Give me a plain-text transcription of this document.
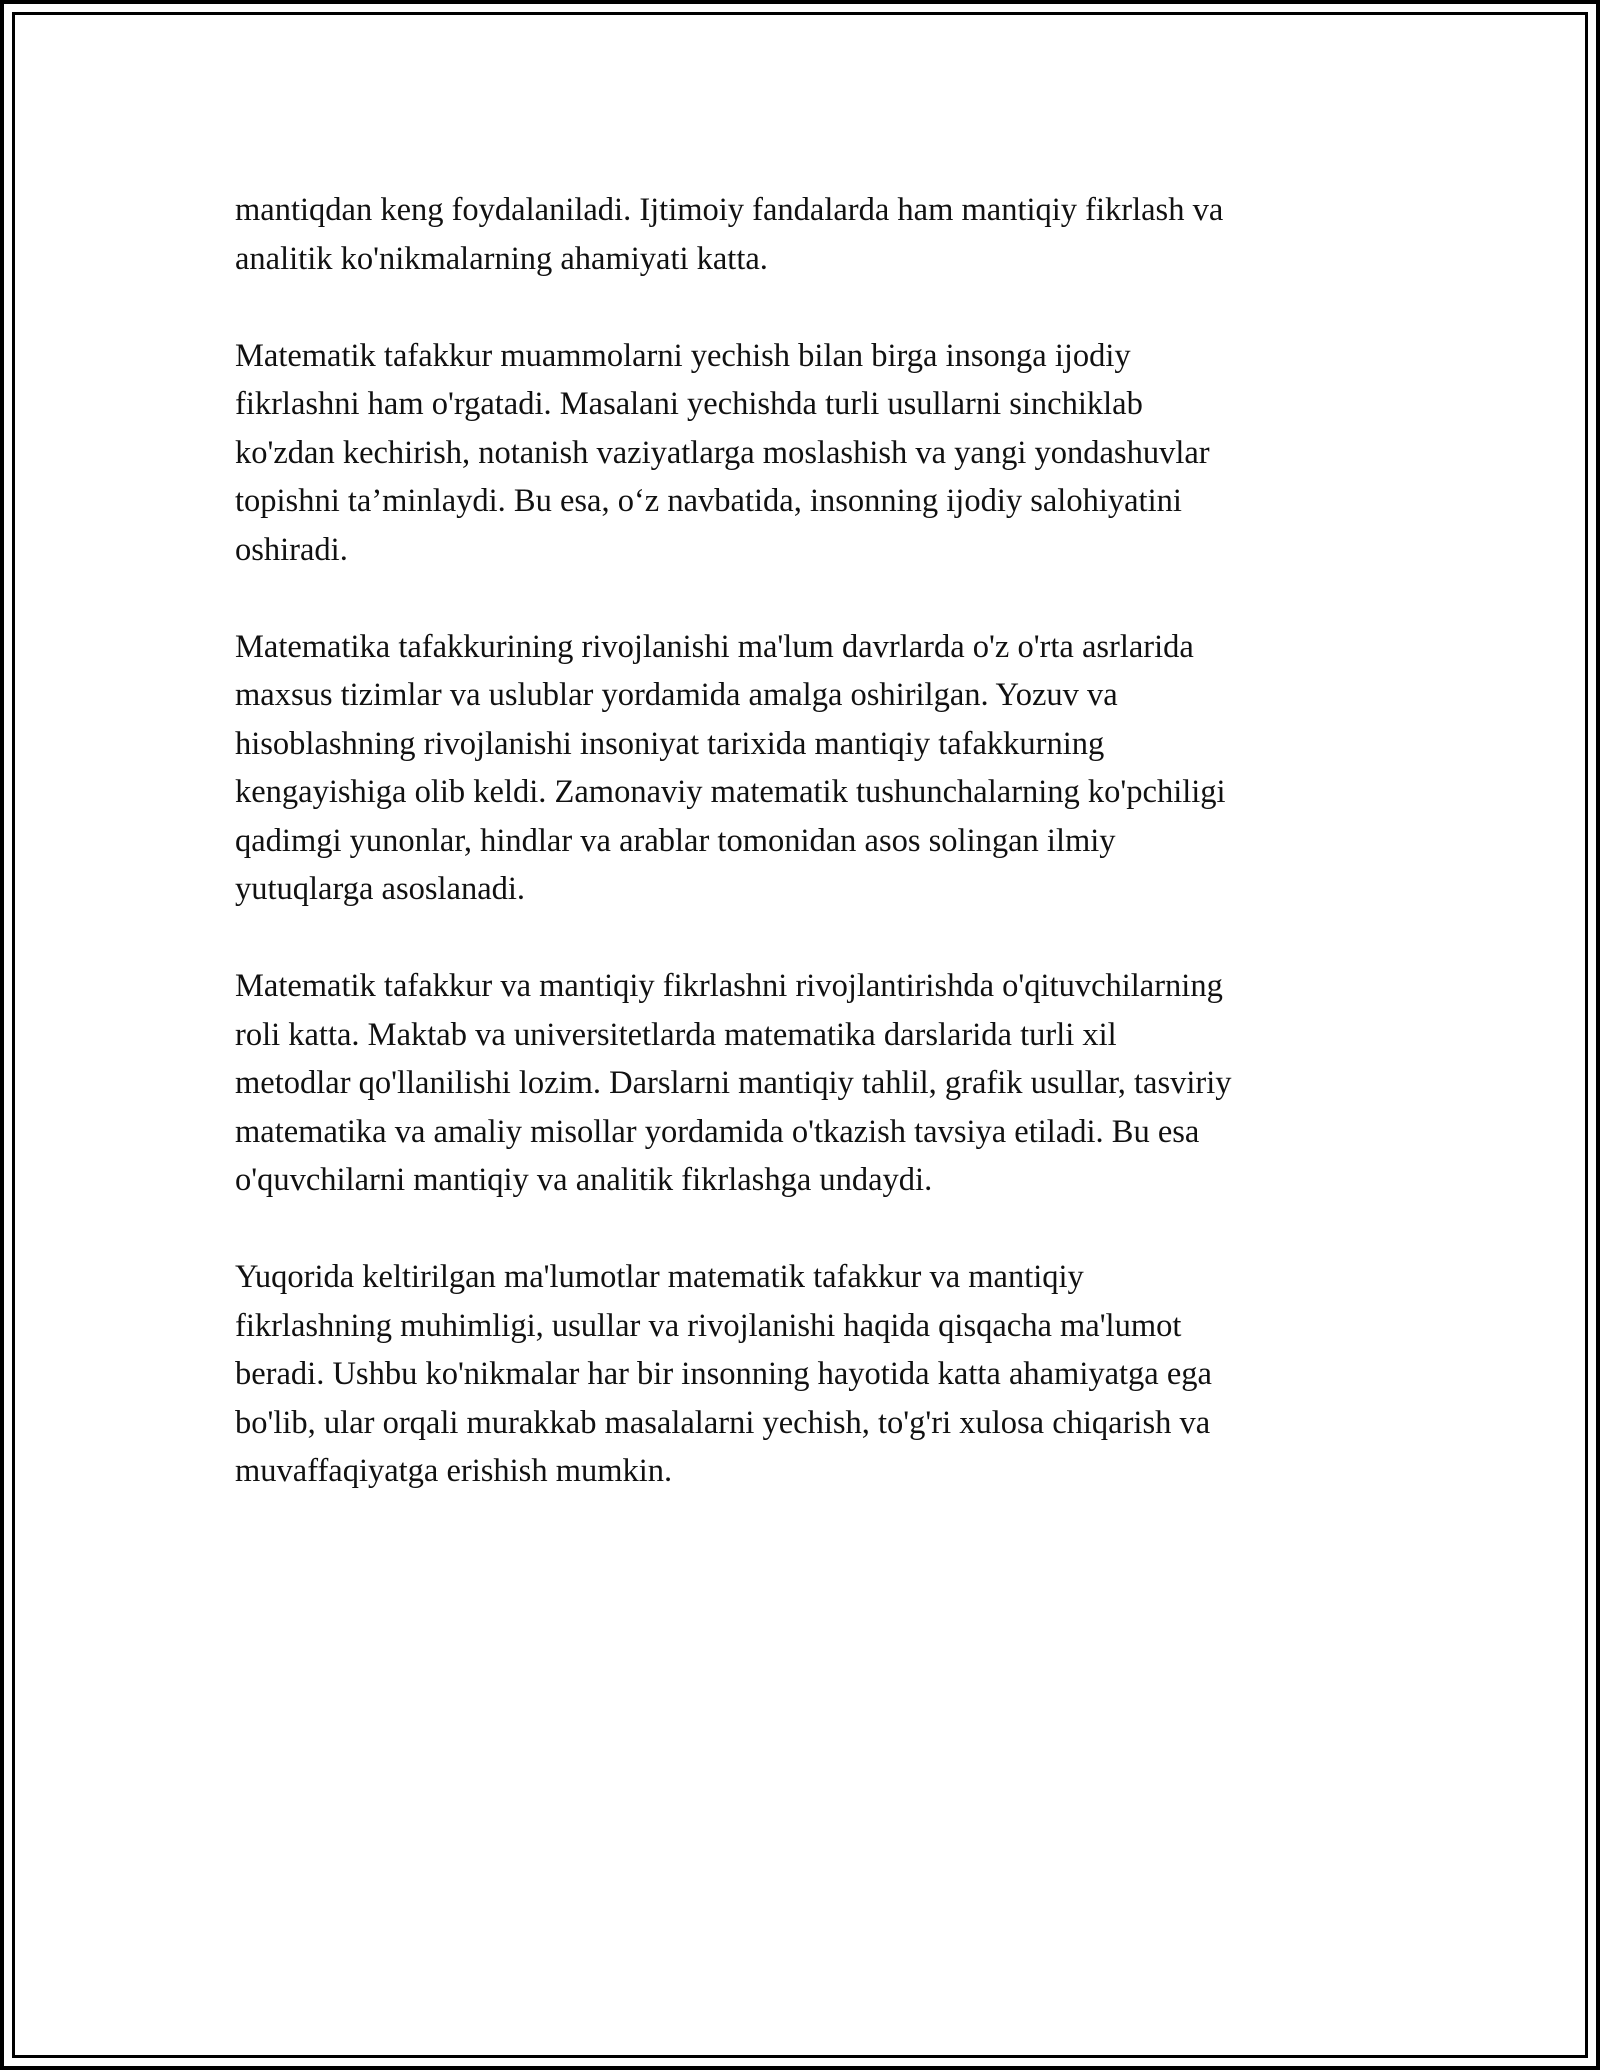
mantiqdan keng foydalaniladi. Ijtimoiy fandalarda ham mantiqiy fikrlash va
analitik ko'nikmalarning ahamiyati katta.

Matematik tafakkur muammolarni yechish bilan birga insonga ijodiy
fikrlashni ham o'rgatadi. Masalani yechishda turli usullarni sinchiklab
ko'zdan kechirish, notanish vaziyatlarga moslashish va yangi yondashuvlar
topishni ta’minlaydi. Bu esa, o‘z navbatida, insonning ijodiy salohiyatini
oshiradi.

Matematika tafakkurining rivojlanishi ma'lum davrlarda o'z o'rta asrlarida
maxsus tizimlar va uslublar yordamida amalga oshirilgan. Yozuv va
hisoblashning rivojlanishi insoniyat tarixida mantiqiy tafakkurning
kengayishiga olib keldi. Zamonaviy matematik tushunchalarning ko'pchiligi
qadimgi yunonlar, hindlar va arablar tomonidan asos solingan ilmiy
yutuqlarga asoslanadi.

Matematik tafakkur va mantiqiy fikrlashni rivojlantirishda o'qituvchilarning
roli katta. Maktab va universitetlarda matematika darslarida turli xil
metodlar qo'llanilishi lozim. Darslarni mantiqiy tahlil, grafik usullar, tasviriy
matematika va amaliy misollar yordamida o'tkazish tavsiya etiladi. Bu esa
o'quvchilarni mantiqiy va analitik fikrlashga undaydi.

Yuqorida keltirilgan ma'lumotlar matematik tafakkur va mantiqiy
fikrlashning muhimligi, usullar va rivojlanishi haqida qisqacha ma'lumot
beradi. Ushbu ko'nikmalar har bir insonning hayotida katta ahamiyatga ega
bo'lib, ular orqali murakkab masalalarni yechish, to'g'ri xulosa chiqarish va
muvaffaqiyatga erishish mumkin.
